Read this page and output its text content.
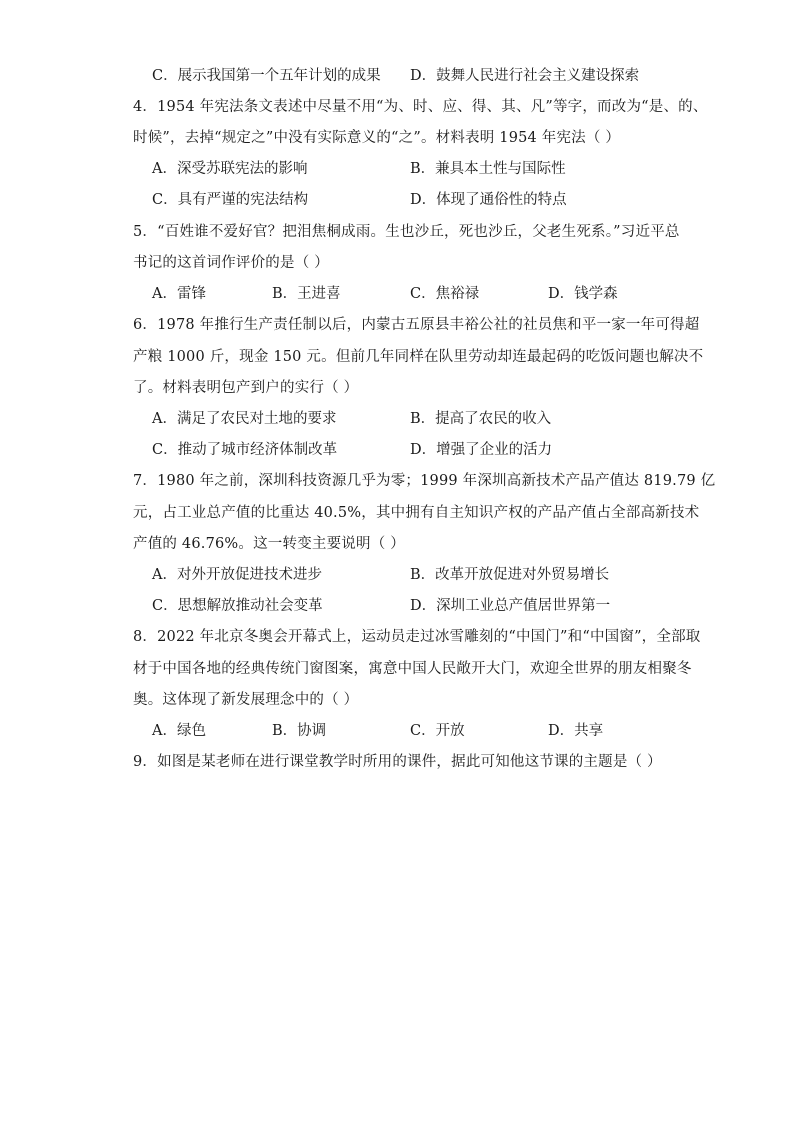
C．展示我国第一个五年计划的成果 D．鼓舞人民进行社会主义建设探索
4．1954 年宪法条文表述中尽量不用“为、时、应、得、其、凡”等字，而改为“是、的、
时候”，去掉“规定之”中没有实际意义的“之”。材料表明 1954 年宪法（ ）
A．深受苏联宪法的影响	B．兼具本土性与国际性
C．具有严谨的宪法结构	D．体现了通俗性的特点
5．“百姓谁不爱好官？把泪焦桐成雨。生也沙丘，死也沙丘，父老生死系。”习近平总
书记的这首词作评价的是（ ）
A．雷锋	B．王进喜	C．焦裕禄	D．钱学森
6．1978 年推行生产责任制以后，内蒙古五原县丰裕公社的社员焦和平一家一年可得超
产粮 1000 斤，现金 150 元。但前几年同样在队里劳动却连最起码的吃饭问题也解决不
了。材料表明包产到户的实行（ ）
A．满足了农民对土地的要求	B．提高了农民的收入
C．推动了城市经济体制改革	D．增强了企业的活力
7．1980 年之前，深圳科技资源几乎为零；1999 年深圳高新技术产品产值达 819.79 亿
元，占工业总产值的比重达 40.5%，其中拥有自主知识产权的产品产值占全部高新技术
产值的 46.76%。这一转变主要说明（ ）
A．对外开放促进技术进步	B．改革开放促进对外贸易增长
C．思想解放推动社会变革	D．深圳工业总产值居世界第一
8．2022 年北京冬奥会开幕式上，运动员走过冰雪雕刻的“中国门”和“中国窗”，全部取
材于中国各地的经典传统门窗图案，寓意中国人民敞开大门，欢迎全世界的朋友相聚冬
奥。这体现了新发展理念中的（ ）
A．绿色	B．协调	C．开放	D．共享
9．如图是某老师在进行课堂教学时所用的课件，据此可知他这节课的主题是（ ）
